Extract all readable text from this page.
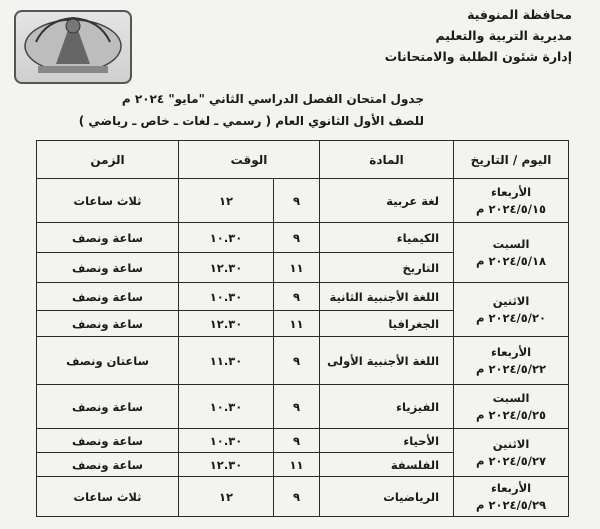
محافظة المنوفية
مديرية التربية والتعليم
إدارة شئون الطلبة والامتحانات
جدول امتحان الفصل الدراسي الثاني "مايو" ٢٠٢٤ م
للصف الأول الثانوي العام ( رسمي ـ لغات ـ خاص ـ رياضي )
اليوم / التاريخ	المادة	الوقت		الزمن

الأربعاء
٢٠٢٤/٥/١٥ م	لغة عربية	٩	١٢	ثلاث ساعات

السبت
٢٠٢٤/٥/١٨ م	الكيمياء	٩	١٠.٣٠	ساعة ونصف
	التاريخ	١١	١٢.٣٠	ساعة ونصف

الاثنين
٢٠٢٤/٥/٢٠ م	اللغة الأجنبية الثانية	٩	١٠.٣٠	ساعة ونصف
	الجغرافيا	١١	١٢.٣٠	ساعة ونصف

الأربعاء
٢٠٢٤/٥/٢٢ م	اللغة الأجنبية الأولى	٩	١١.٣٠	ساعتان ونصف

السبت
٢٠٢٤/٥/٢٥ م	الفيزياء	٩	١٠.٣٠	ساعة ونصف

الاثنين
٢٠٢٤/٥/٢٧ م	الأحياء	٩	١٠.٣٠	ساعة ونصف
	الفلسفة	١١	١٢.٣٠	ساعة ونصف

الأربعاء
٢٠٢٤/٥/٢٩ م	الرياضيات	٩	١٢	ثلاث ساعات
